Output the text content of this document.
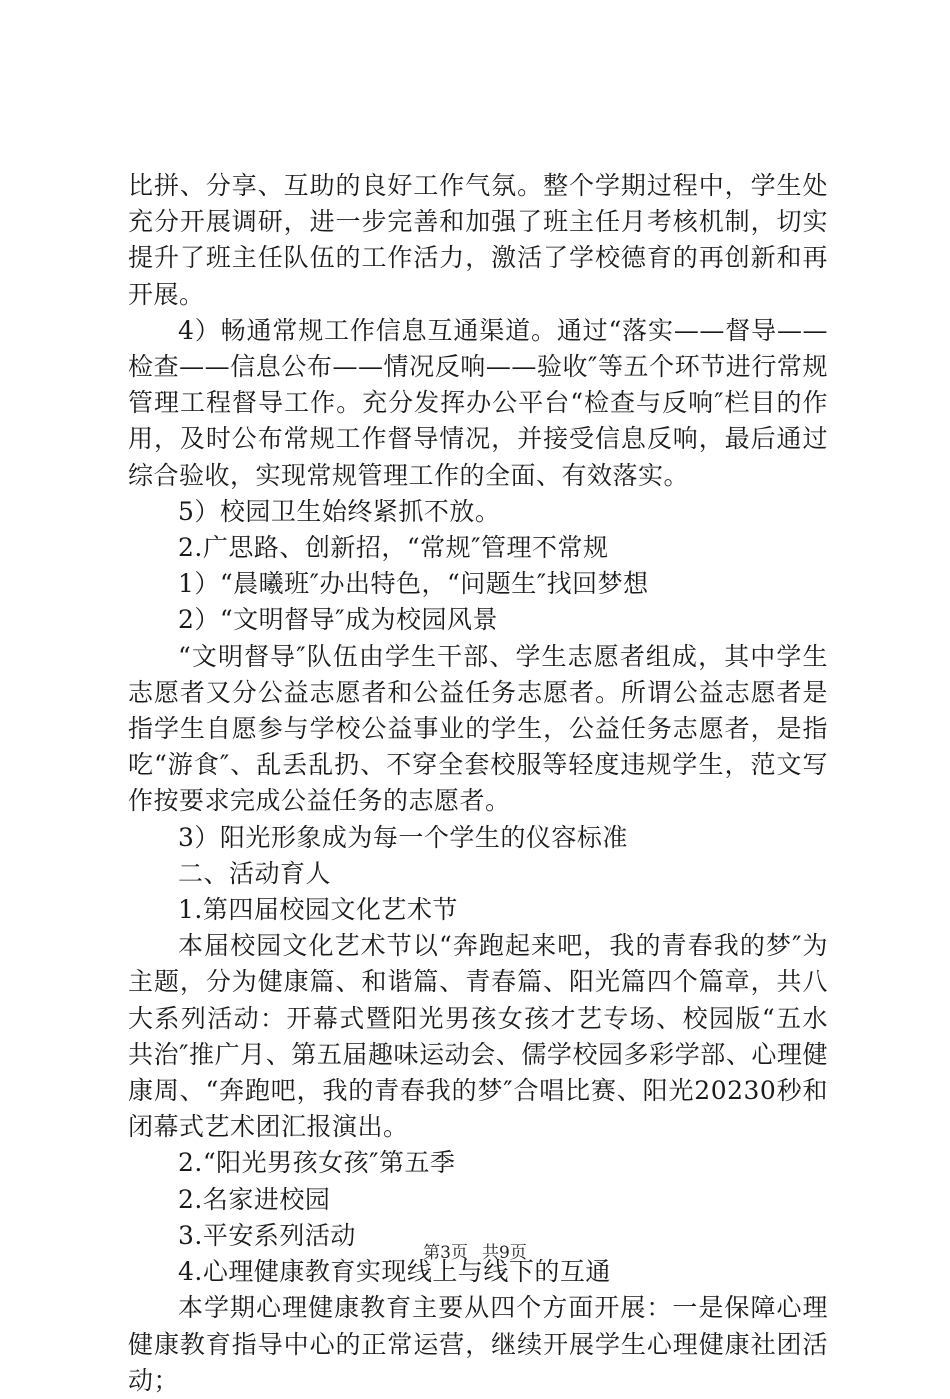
比拼、分享、互助的良好工作气氛。整个学期过程中，学生处充分开展调研，进一步完善和加强了班主任月考核机制，切实提升了班主任队伍的工作活力，激活了学校德育的再创新和再开展。

4）畅通常规工作信息互通渠道。通过“落实——督导——检查——信息公布——情况反响——验收″等五个环节进行常规管理工程督导工作。充分发挥办公平台“检查与反响″栏目的作用，及时公布常规工作督导情况，并接受信息反响，最后通过综合验收，实现常规管理工作的全面、有效落实。

5）校园卫生始终紧抓不放。

2.广思路、创新招，“常规″管理不常规

1）“晨曦班″办出特色，“问题生″找回梦想

2）“文明督导″成为校园风景

“文明督导″队伍由学生干部、学生志愿者组成，其中学生志愿者又分公益志愿者和公益任务志愿者。所谓公益志愿者是指学生自愿参与学校公益事业的学生，公益任务志愿者，是指吃“游食″、乱丢乱扔、不穿全套校服等轻度违规学生，范文写作按要求完成公益任务的志愿者。

3）阳光形象成为每一个学生的仪容标准

二、活动育人

1.第四届校园文化艺术节

本届校园文化艺术节以“奔跑起来吧，我的青春我的梦″为主题，分为健康篇、和谐篇、青春篇、阳光篇四个篇章，共八大系列活动：开幕式暨阳光男孩女孩才艺专场、校园版“五水共治″推广月、第五届趣味运动会、儒学校园多彩学部、心理健康周、“奔跑吧，我的青春我的梦″合唱比赛、阳光20230秒和闭幕式艺术团汇报演出。

2.“阳光男孩女孩″第五季

2.名家进校园

3.平安系列活动

4.心理健康教育实现线上与线下的互通

本学期心理健康教育主要从四个方面开展：一是保障心理健康教育指导中心的正常运营，继续开展学生心理健康社团活动；

第3页 共9页
